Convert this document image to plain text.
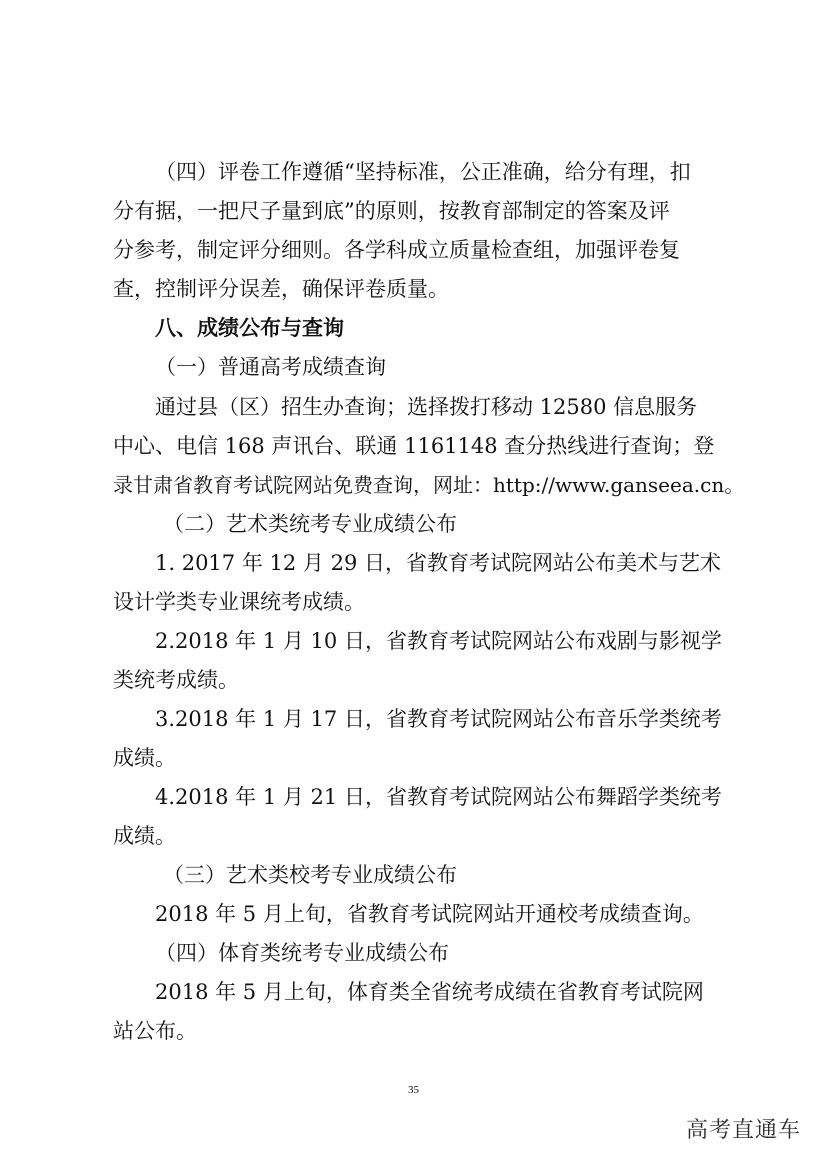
（四）评卷工作遵循“坚持标准，公正准确，给分有理，扣
分有据，一把尺子量到底”的原则，按教育部制定的答案及评
分参考，制定评分细则。各学科成立质量检查组，加强评卷复
查，控制评分误差，确保评卷质量。
八、成绩公布与查询
（一）普通高考成绩查询
通过县（区）招生办查询；选择拨打移动 12580 信息服务
中心、电信 168 声讯台、联通 1161148 查分热线进行查询；登
录甘肃省教育考试院网站免费查询，网址：http://www.ganseea.cn。
（二）艺术类统考专业成绩公布
1. 2017 年 12 月 29 日，省教育考试院网站公布美术与艺术
设计学类专业课统考成绩。
2.2018 年 1 月 10 日，省教育考试院网站公布戏剧与影视学
类统考成绩。
3.2018 年 1 月 17 日，省教育考试院网站公布音乐学类统考
成绩。
4.2018 年 1 月 21 日，省教育考试院网站公布舞蹈学类统考
成绩。
（三）艺术类校考专业成绩公布
2018 年 5 月上旬，省教育考试院网站开通校考成绩查询。
（四）体育类统考专业成绩公布
2018 年 5 月上旬，体育类全省统考成绩在省教育考试院网
站公布。
35
高考直通车
